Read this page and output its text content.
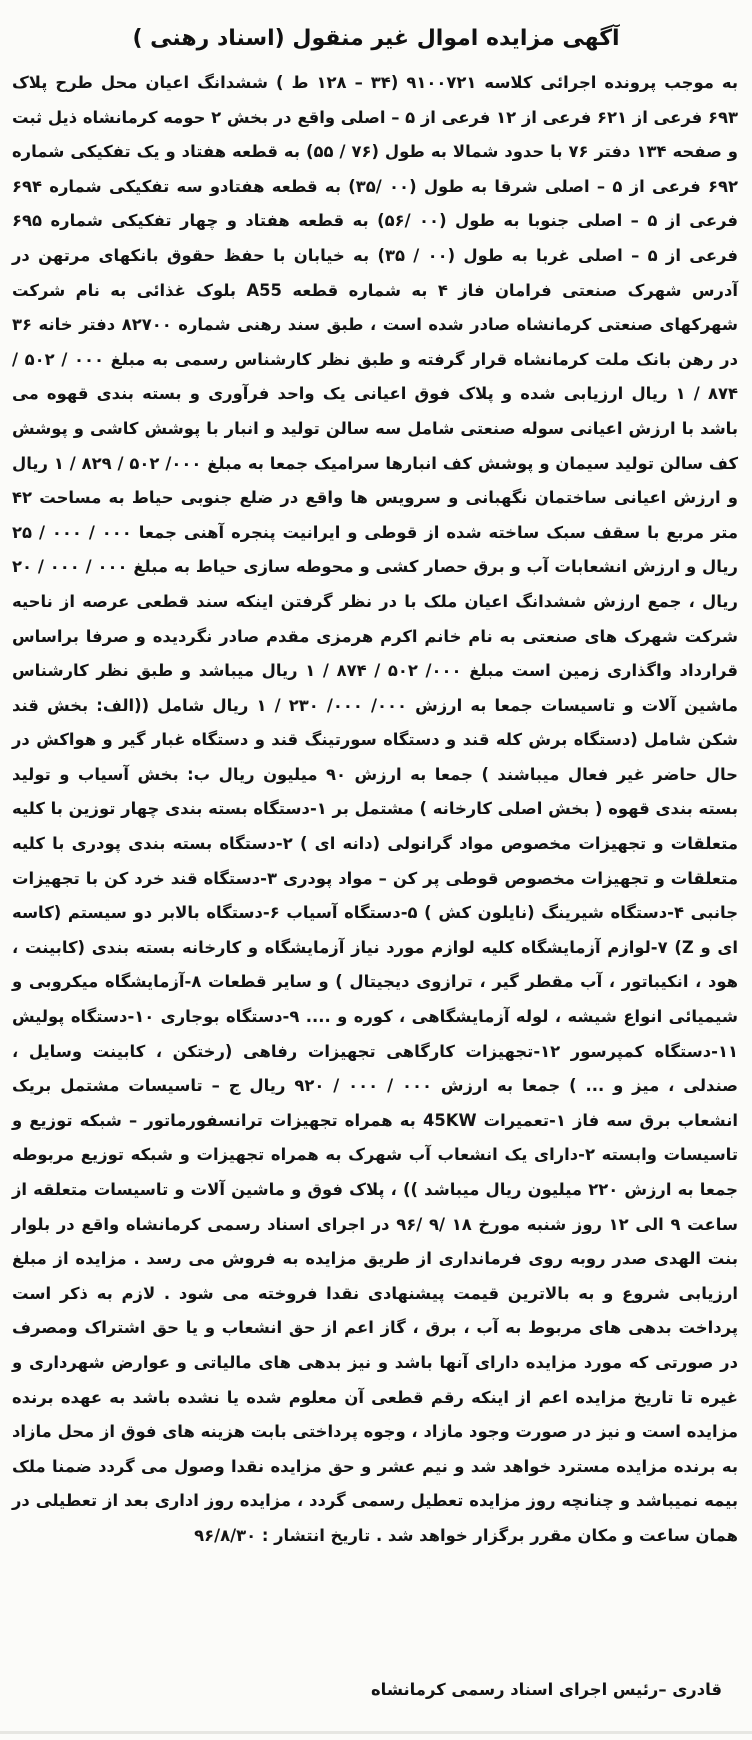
آگهی مزایده اموال غیر منقول (اسناد رهنی )
به موجب پرونده اجرائی کلاسه ۹۱۰۰۷۲۱ (۳۴ – ۱۲۸ ط ) ششدانگ اعیان محل طرح پلاک ۶۹۳ فرعی از ۶۲۱ فرعی از ۱۲ فرعی از ۵ – اصلی واقع در بخش ۲ حومه کرمانشاه ذیل ثبت و صفحه ۱۳۴ دفتر ۷۶ با حدود شمالا به طول (۷۶ / ۵۵) به قطعه هفتاد و یک تفکیکی شماره ۶۹۲ فرعی از ۵ – اصلی شرقا به طول (۰۰ /۳۵) به قطعه هفتادو سه تفکیکی شماره ۶۹۴ فرعی از ۵ – اصلی جنوبا به طول (۰۰ /۵۶) به قطعه هفتاد و چهار تفکیکی شماره ۶۹۵ فرعی از ۵ – اصلی غربا به طول (۰۰ / ۳۵) به خیابان با حفظ حقوق بانکهای مرتهن در آدرس شهرک صنعتی فرامان فاز ۴ به شماره قطعه A55 بلوک غذائی به نام شرکت شهرکهای صنعتی کرمانشاه صادر شده است ، طبق سند رهنی شماره ۸۲۷۰۰ دفتر خانه ۳۶ در رهن بانک ملت کرمانشاه قرار گرفته و طبق نظر کارشناس رسمی به مبلغ ۰۰۰ / ۵۰۲ / ۸۷۴ / ۱ ریال ارزیابی شده و پلاک فوق اعیانی یک واحد فرآوری و بسته بندی قهوه می باشد با ارزش اعیانی سوله صنعتی شامل سه سالن تولید و انبار با پوشش کاشی و پوشش کف سالن تولید سیمان و پوشش کف انبارها سرامیک جمعا به مبلغ ۰۰۰/ ۵۰۲ / ۸۲۹ / ۱ ریال و ارزش اعیانی ساختمان نگهبانی و سرویس ها واقع در ضلع جنوبی حیاط به مساحت ۴۲ متر مربع با سقف سبک ساخته شده از قوطی و ایرانیت پنجره آهنی جمعا ۰۰۰ / ۰۰۰ / ۲۵ ریال و ارزش انشعابات آب و برق حصار کشی و محوطه سازی حیاط به مبلغ ۰۰۰ / ۰۰۰ / ۲۰ ریال ، جمع ارزش ششدانگ اعیان ملک با در نظر گرفتن اینکه سند قطعی عرصه از ناحیه شرکت شهرک های صنعتی به نام خانم اکرم هرمزی مقدم صادر نگردیده و صرفا براساس قرارداد واگذاری زمین است مبلغ ۰۰۰/ ۵۰۲ / ۸۷۴ / ۱ ریال میباشد و طبق نظر کارشناس ماشین آلات و تاسیسات جمعا به ارزش ۰۰۰/ ۰۰۰/ ۲۳۰ / ۱ ریال شامل ((الف: بخش قند شکن شامل (دستگاه برش کله قند و دستگاه سورتینگ قند و دستگاه غبار گیر و هواکش در حال حاضر غیر فعال میباشند ) جمعا به ارزش ۹۰ میلیون ریال ب: بخش آسیاب و تولید بسته بندی قهوه ( بخش اصلی کارخانه ) مشتمل بر ۱-دستگاه بسته بندی چهار توزین با کلیه متعلقات و تجهیزات مخصوص مواد گرانولی (دانه ای ) ۲-دستگاه بسته بندی پودری با کلیه متعلقات و تجهیزات مخصوص قوطی پر کن – مواد پودری ۳-دستگاه قند خرد کن با تجهیزات جانبی ۴-دستگاه شیرینگ (نایلون کش ) ۵-دستگاه آسیاب ۶-دستگاه بالابر دو سیستم (کاسه ای و Z) ۷-لوازم آزمایشگاه کلیه لوازم مورد نیاز آزمایشگاه و کارخانه بسته بندی (کابینت ، هود ، انکیباتور ، آب مقطر گیر ، ترازوی دیجیتال ) و سایر قطعات ۸-آزمایشگاه میکروبی و شیمیائی انواع شیشه ، لوله آزمایشگاهی ، کوره و .... ۹-دستگاه بوجاری ۱۰-دستگاه پولیش ۱۱-دستگاه کمپرسور ۱۲-تجهیزات کارگاهی تجهیزات رفاهی (رختکن ، کابینت وسایل ، صندلی ، میز و ... ) جمعا به ارزش ۰۰۰ / ۰۰۰ / ۹۲۰ ریال ج – تاسیسات مشتمل بریک انشعاب برق سه فاز ۱-تعمیرات 45KW به همراه تجهیزات ترانسفورماتور – شبکه توزیع و تاسیسات وابسته ۲-دارای یک انشعاب آب شهرک به همراه تجهیزات و شبکه توزیع مربوطه جمعا به ارزش ۲۲۰ میلیون ریال میباشد )) ، پلاک فوق و ماشین آلات و تاسیسات متعلقه از ساعت ۹ الی ۱۲ روز شنبه مورخ ۱۸ /۹ /۹۶ در اجرای اسناد رسمی کرمانشاه واقع در بلوار بنت الهدی صدر روبه روی فرمانداری از طریق مزایده به فروش می رسد . مزایده از مبلغ ارزیابی شروع و به بالاترین قیمت پیشنهادی نقدا فروخته می شود . لازم به ذکر است پرداخت بدهی های مربوط به آب ، برق ، گاز اعم از حق انشعاب و یا حق اشتراک ومصرف در صورتی که مورد مزایده دارای آنها باشد و نیز بدهی های مالیاتی و عوارض شهرداری و غیره تا تاریخ مزایده اعم از اینکه رقم قطعی آن معلوم شده یا نشده باشد به عهده برنده مزایده است و نیز در صورت وجود مازاد ، وجوه پرداختی بابت هزینه های فوق از محل مازاد به برنده مزایده مسترد خواهد شد و نیم عشر و حق مزایده نقدا وصول می گردد ضمنا ملک بیمه نمیباشد و چنانچه روز مزایده تعطیل رسمی گردد ، مزایده روز اداری بعد از تعطیلی در همان ساعت و مکان مقرر برگزار خواهد شد . تاریخ انتشار : ۹۶/۸/۳۰
قادری –رئیس اجرای اسناد رسمی کرمانشاه
